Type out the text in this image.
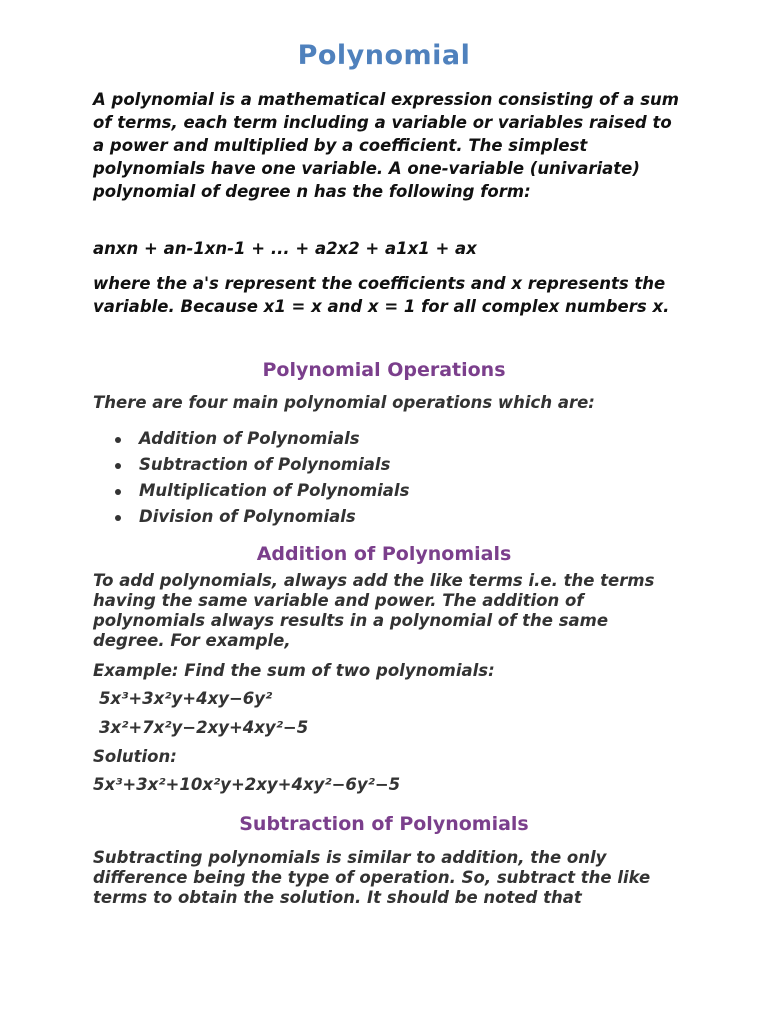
Polynomial

A polynomial is a mathematical expression consisting of a sum of terms, each term including a variable or variables raised to a power and multiplied by a coefficient. The simplest polynomials have one variable. A one-variable (univariate) polynomial of degree n has the following form:

anxn + an-1xn-1 + ... + a2x2 + a1x1 + ax

where the a's represent the coefficients and x represents the variable. Because x1 = x and x = 1 for all complex numbers x.

Polynomial Operations

There are four main polynomial operations which are:

Addition of Polynomials
Subtraction of Polynomials
Multiplication of Polynomials
Division of Polynomials
Addition of Polynomials

To add polynomials, always add the like terms i.e. the terms having the same variable and power. The addition of polynomials always results in a polynomial of the same degree. For example,

Example: Find the sum of two polynomials:

5x³+3x²y+4xy−6y²

3x²+7x²y−2xy+4xy²−5

Solution:

5x³+3x²+10x²y+2xy+4xy²−6y²−5

Subtraction of Polynomials

Subtracting polynomials is similar to addition, the only difference being the type of operation. So, subtract the like terms to obtain the solution. It should be noted that
